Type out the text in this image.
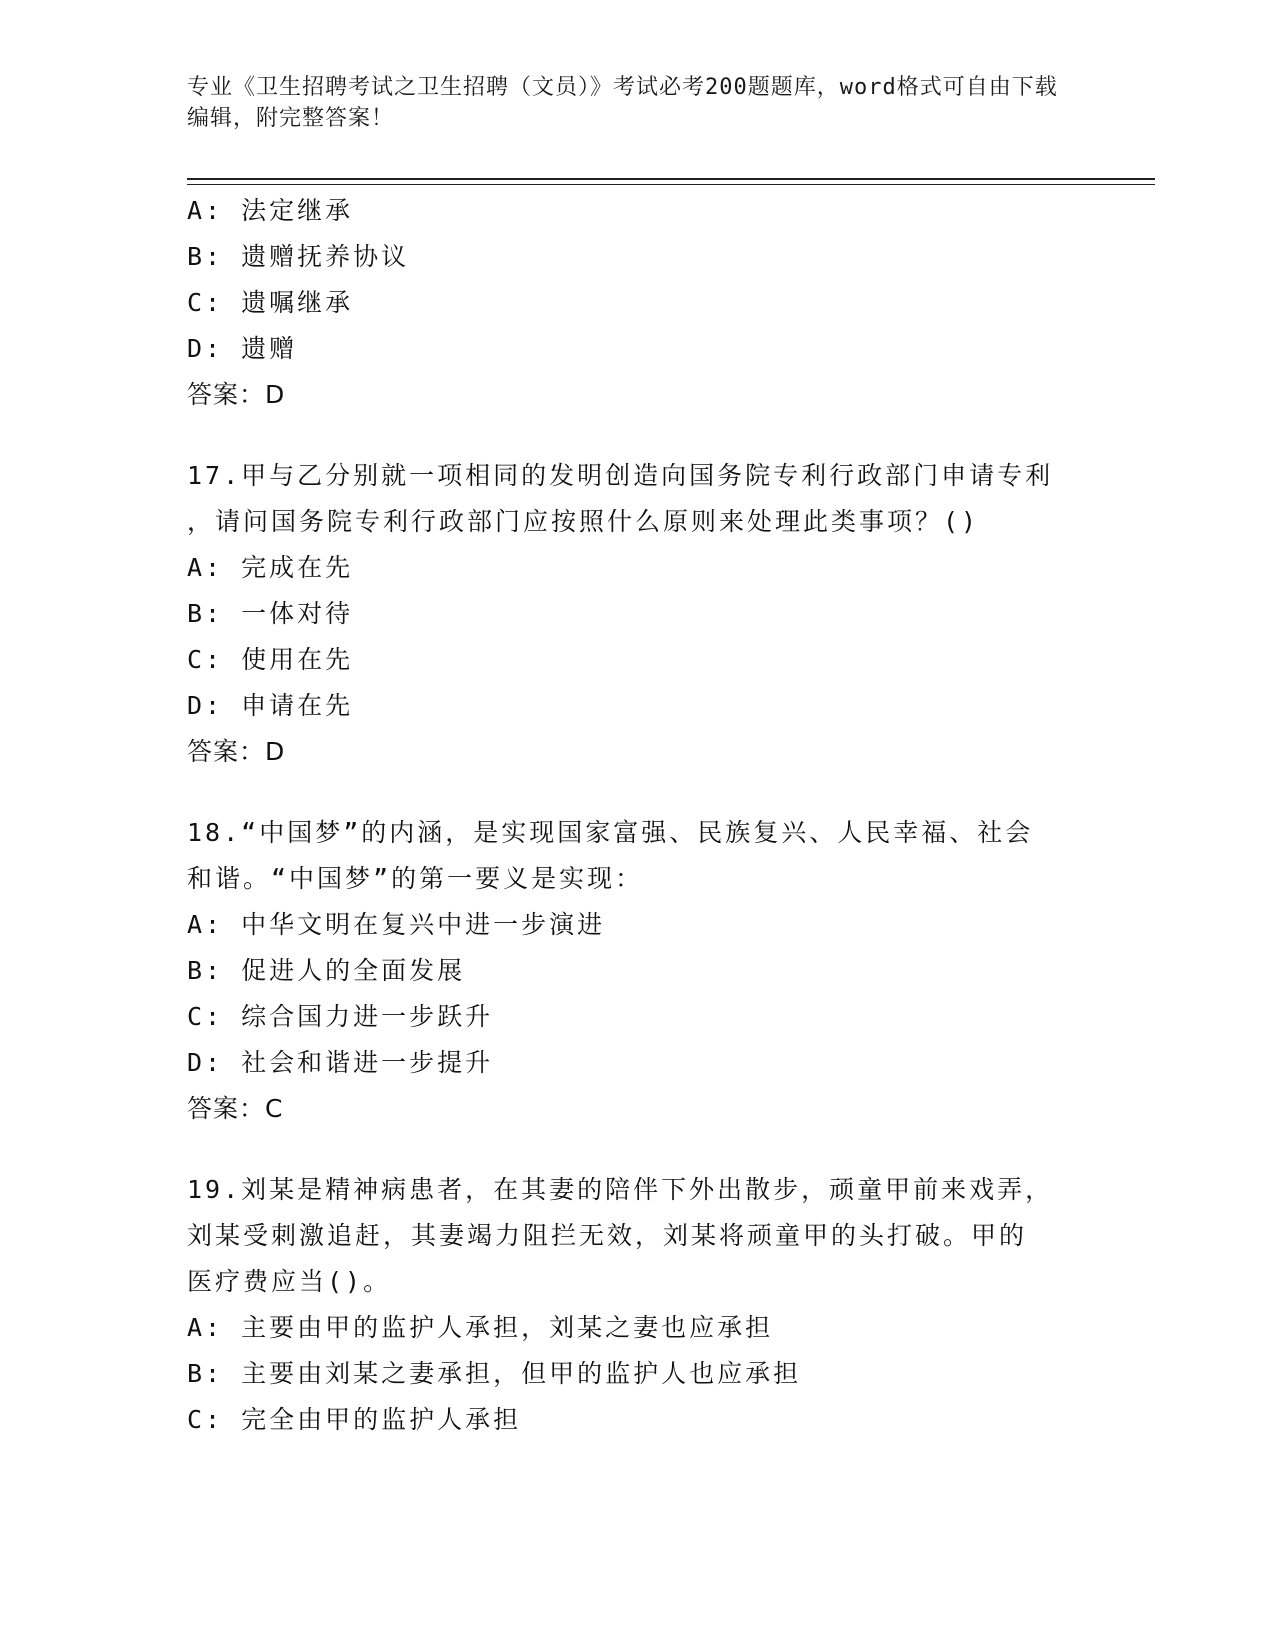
专业《卫生招聘考试之卫生招聘（文员）》考试必考200题题库，word格式可自由下载编辑，附完整答案！
A: 法定继承
B: 遗赠抚养协议
C: 遗嘱继承
D: 遗赠
答案：D
17.甲与乙分别就一项相同的发明创造向国务院专利行政部门申请专利
，请问国务院专利行政部门应按照什么原则来处理此类事项？()
A: 完成在先
B: 一体对待
C: 使用在先
D: 申请在先
答案：D
18.“中国梦”的内涵，是实现国家富强、民族复兴、人民幸福、社会
和谐。“中国梦”的第一要义是实现：
A: 中华文明在复兴中进一步演进
B: 促进人的全面发展
C: 综合国力进一步跃升
D: 社会和谐进一步提升
答案：C
19.刘某是精神病患者，在其妻的陪伴下外出散步，顽童甲前来戏弄，
刘某受刺激追赶，其妻竭力阻拦无效，刘某将顽童甲的头打破。甲的
医疗费应当()。
A: 主要由甲的监护人承担，刘某之妻也应承担
B: 主要由刘某之妻承担，但甲的监护人也应承担
C: 完全由甲的监护人承担
